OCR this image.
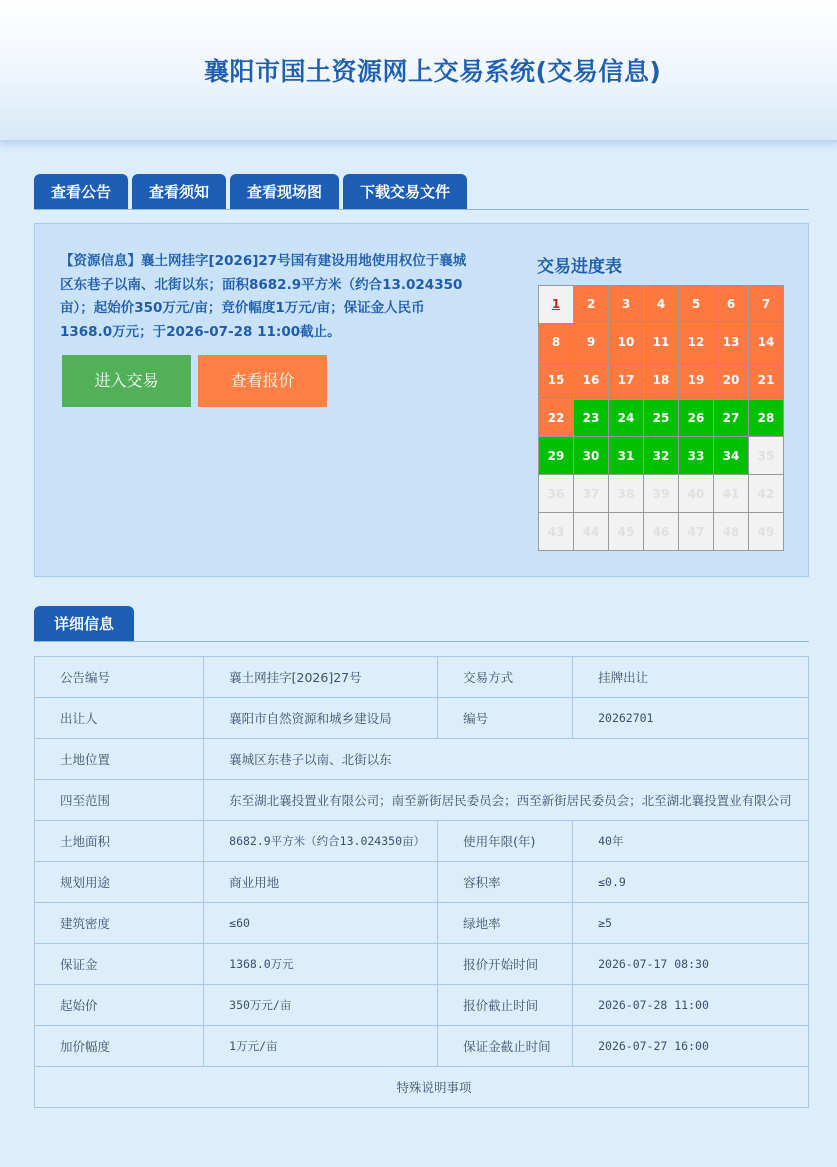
襄阳市国土资源网上交易系统(交易信息)
查看公告	查看须知	查看现场图	下载交易文件
【资源信息】襄土网挂字[2026]27号国有建设用地使用权位于襄城区东巷子以南、北街以东；面积8682.9平方米（约合13.024350亩）；起始价350万元/亩；竞价幅度1万元/亩；保证金人民币1368.0万元；于2026-07-28 11:00截止。
进入交易	查看报价
交易进度表
1	2	3	4	5	6	7
8	9	10	11	12	13	14
15	16	17	18	19	20	21
22	23	24	25	26	27	28
29	30	31	32	33	34	35
36	37	38	39	40	41	42
43	44	45	46	47	48	49
详细信息
公告编号	襄土网挂字[2026]27号	交易方式	挂牌出让
出让人	襄阳市自然资源和城乡建设局	编号	20262701
土地位置	襄城区东巷子以南、北街以东		
四至范围	东至湖北襄投置业有限公司；南至新街居民委员会；西至新街居民委员会；北至湖北襄投置业有限公司		
土地面积	8682.9平方米（约合13.024350亩）	使用年限(年)	40年
规划用途	商业用地	容积率	≤0.9
建筑密度	≤60	绿地率	≥5
保证金	1368.0万元	报价开始时间	2026-07-17 08:30
起始价	350万元/亩	报价截止时间	2026-07-28 11:00
加价幅度	1万元/亩	保证金截止时间	2026-07-27 16:00
特殊说明事项			
